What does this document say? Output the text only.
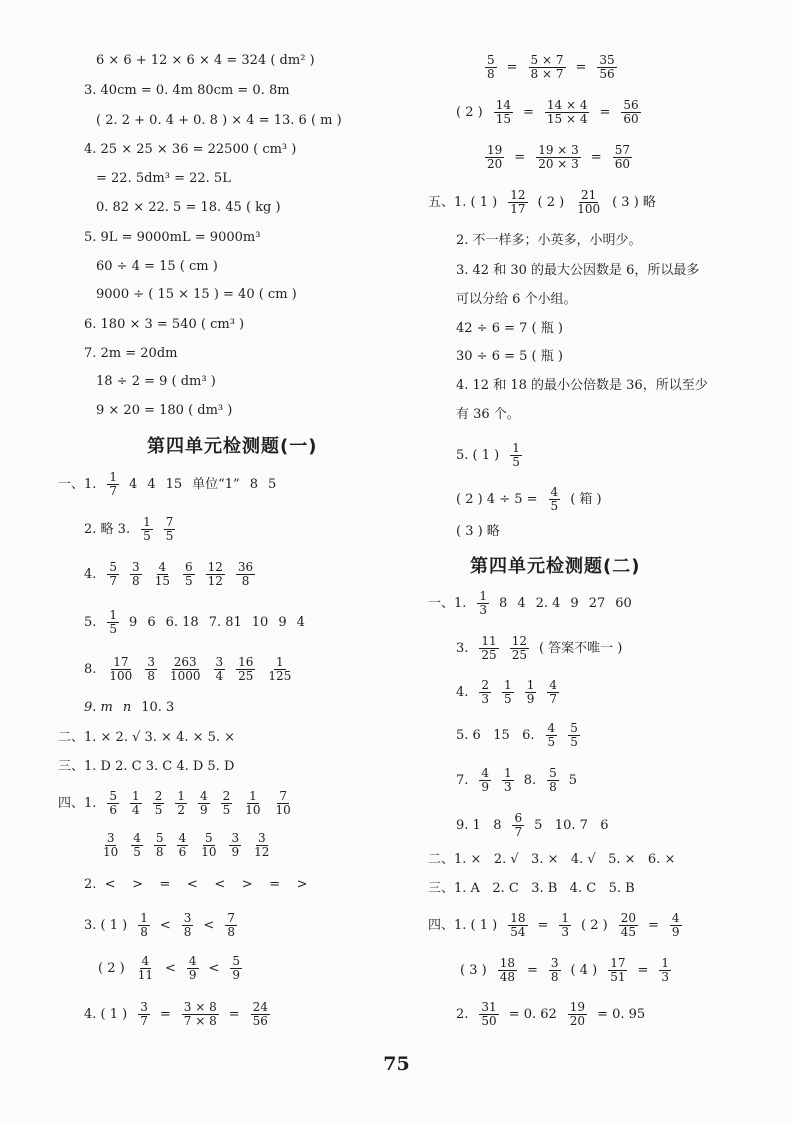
6 × 6 + 12 × 6 × 4 = 324 ( dm² )
3. 40cm = 0. 4m 80cm = 0. 8m
( 2. 2 + 0. 4 + 0. 8 ) × 4 = 13. 6 ( m )
4. 25 × 25 × 36 = 22500 ( cm³ )
= 22. 5dm³ = 22. 5L
0. 82 × 22. 5 = 18. 45 ( kg )
5. 9L = 9000mL = 9000m³
60 ÷ 4 = 15 ( cm )
9000 ÷ ( 15 × 15 ) = 40 ( cm )
6. 180 × 3 = 540 ( cm³ )
7. 2m = 20dm
18 ÷ 2 = 9 ( dm³ )
9 × 20 = 180 ( dm³ )
第四单元检测题(一)
一、1. $\frac{1}{7} 4$ 4 15 单位“1” 8 5
2. 略 3. $\frac{1}{5} \frac{7}{5}$
4. $\frac{5}{7} \frac{3}{8} \frac{4}{15} \frac{6}{5} \frac{12}{12} \frac{36}{8}$
5. $\frac{1}{5} 9$ 6 6. 18 7. 81 10 9 4
8. $\frac{17}{100} \frac{3}{8} \frac{263}{1000} \frac{3}{4} \frac{16}{25} \frac{1}{125}$
9. m n 10. 3
二、1. × 2. √ 3. × 4. × 5. ×
三、1. D 2. C 3. C 4. D 5. D
四、1. $\frac{5}{6} \frac{1}{4} \frac{2}{5} \frac{1}{2} \frac{4}{9} \frac{2}{5} \frac{1}{10} \frac{7}{10}$
$\frac{3}{10} \frac{4}{5} \frac{5}{8} \frac{4}{6} \frac{5}{10} \frac{3}{9} \frac{3}{12}$
2.  <    >    =    <    <    >    =    >
3. ( 1 ) $\frac{1}{8} < \frac{3}{8} < \frac{7}{8}$
( 2 ) $\frac{4}{11} < \frac{4}{9} < \frac{5}{9}$
4. ( 1 ) $\frac{3}{7} = \frac{3 \times 8}{7 \times 8} = \frac{24}{56}$
$\frac{5}{8} = \frac{5 \times 7}{8 \times 7} = \frac{35}{56}$
( 2 ) $\frac{14}{15} = \frac{14 \times 4}{15 \times 4} = \frac{56}{60}$
$\frac{19}{20} = \frac{19 \times 3}{20 \times 3} = \frac{57}{60}$
五、1. ( 1 ) $\frac{12}{17}$ ( 2 ) $\frac{21}{100}$ ( 3 ) 略
2. 不一样多；小英多，小明少。
3. 42 和 30 的最大公因数是 6，所以最多
可以分给 6 个小组。
42 ÷ 6 = 7 ( 瓶 )
30 ÷ 6 = 5 ( 瓶 )
4. 12 和 18 的最小公倍数是 36，所以至少
有 36 个。
5. ( 1 ) $\frac{1}{5}$
( 2 ) $4 \div 5 = \frac{4}{5}$ ( 箱 )
( 3 ) 略
第四单元检测题(二)
一、1. $\frac{1}{3} 8$ 4 2. 4 9 27 60
3. $\frac{11}{25} \frac{12}{25}$ ( 答案不唯一 )
4. $\frac{2}{3} \frac{1}{5} \frac{1}{9} \frac{4}{7}$
5. 6   15   6. $\frac{4}{5} \frac{5}{5}$
7. $\frac{4}{9} \frac{1}{3} 8$. $\frac{5}{8} 5$
9. 1   $8 \frac{6}{7} 5$   10. 7   6
二、1. ×   2. √   3. ×   4. √   5. ×   6. ×
三、1. A   2. C   3. B   4. C   5. B
四、1. ( 1 ) $\frac{18}{54} = \frac{1}{3}$ ( 2 ) $\frac{20}{45} = \frac{4}{9}$
( 3 ) $\frac{18}{48} = \frac{3}{8}$ ( 4 ) $\frac{17}{51} = \frac{1}{3}$
2. $\frac{31}{50} = 0$. $62 \frac{19}{20} = 0$. 95
75
